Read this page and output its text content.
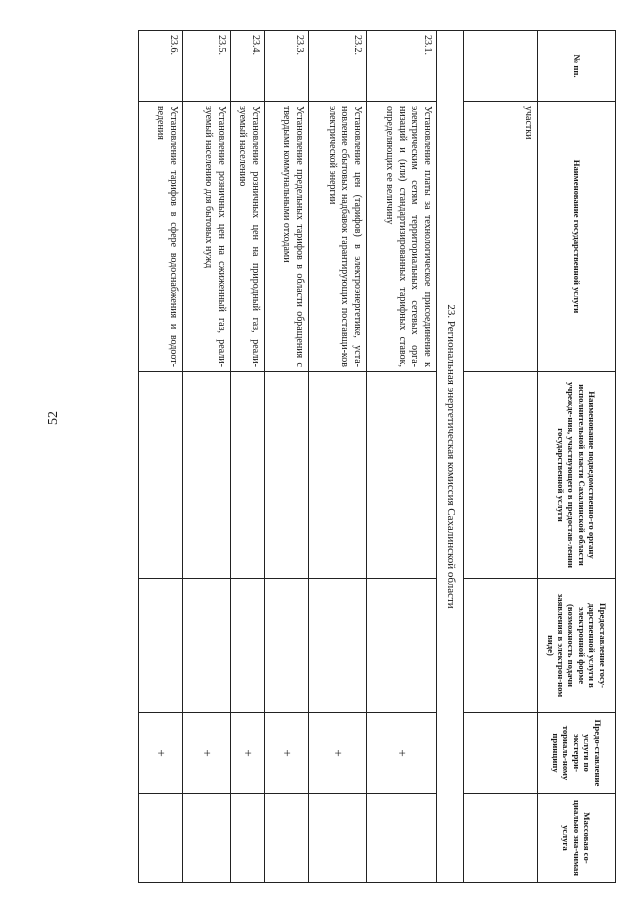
52
№ пп.	Наименование государственной услуги	Наименование подведомственно-го органу исполнительной власти Сахалинской области учрежде-ния, участвующего в предостав-лении государственной услуги	Предоставление госу-дарственной услуги в электронной форме (возможность подачи заявления в электрон-ном виде)	Предо-ставление услуги по экстерри-ториаль-ному принципу	Массовая со-циально зна-чимая услуга
	участки				
23. Региональная энергетическая комиссия Сахалинской области					
23.1.	Установление платы за технологическое присоединение к электрическим сетям территориальных сетевых орга-низаций и (или) стандартизированных тарифных ставок, определяющих ее величину			+	
23.2.	Установление цен (тарифов) в электроэнергетике, уста-новление сбытовых надбавок гарантирующих поставщи-ков электрической энергии			+	
23.3.	Установление предельных тарифов в области обращения с твердыми коммунальными отходами			+	
23.4.	Установление розничных цен на природный газ, реали-зуемый населению			+	
23.5.	Установление розничных цен на сжиженный газ, реали-зуемый населению для бытовых нужд			+	
23.6.	Установление тарифов в сфере водоснабжения и водоот-ведения			+	
